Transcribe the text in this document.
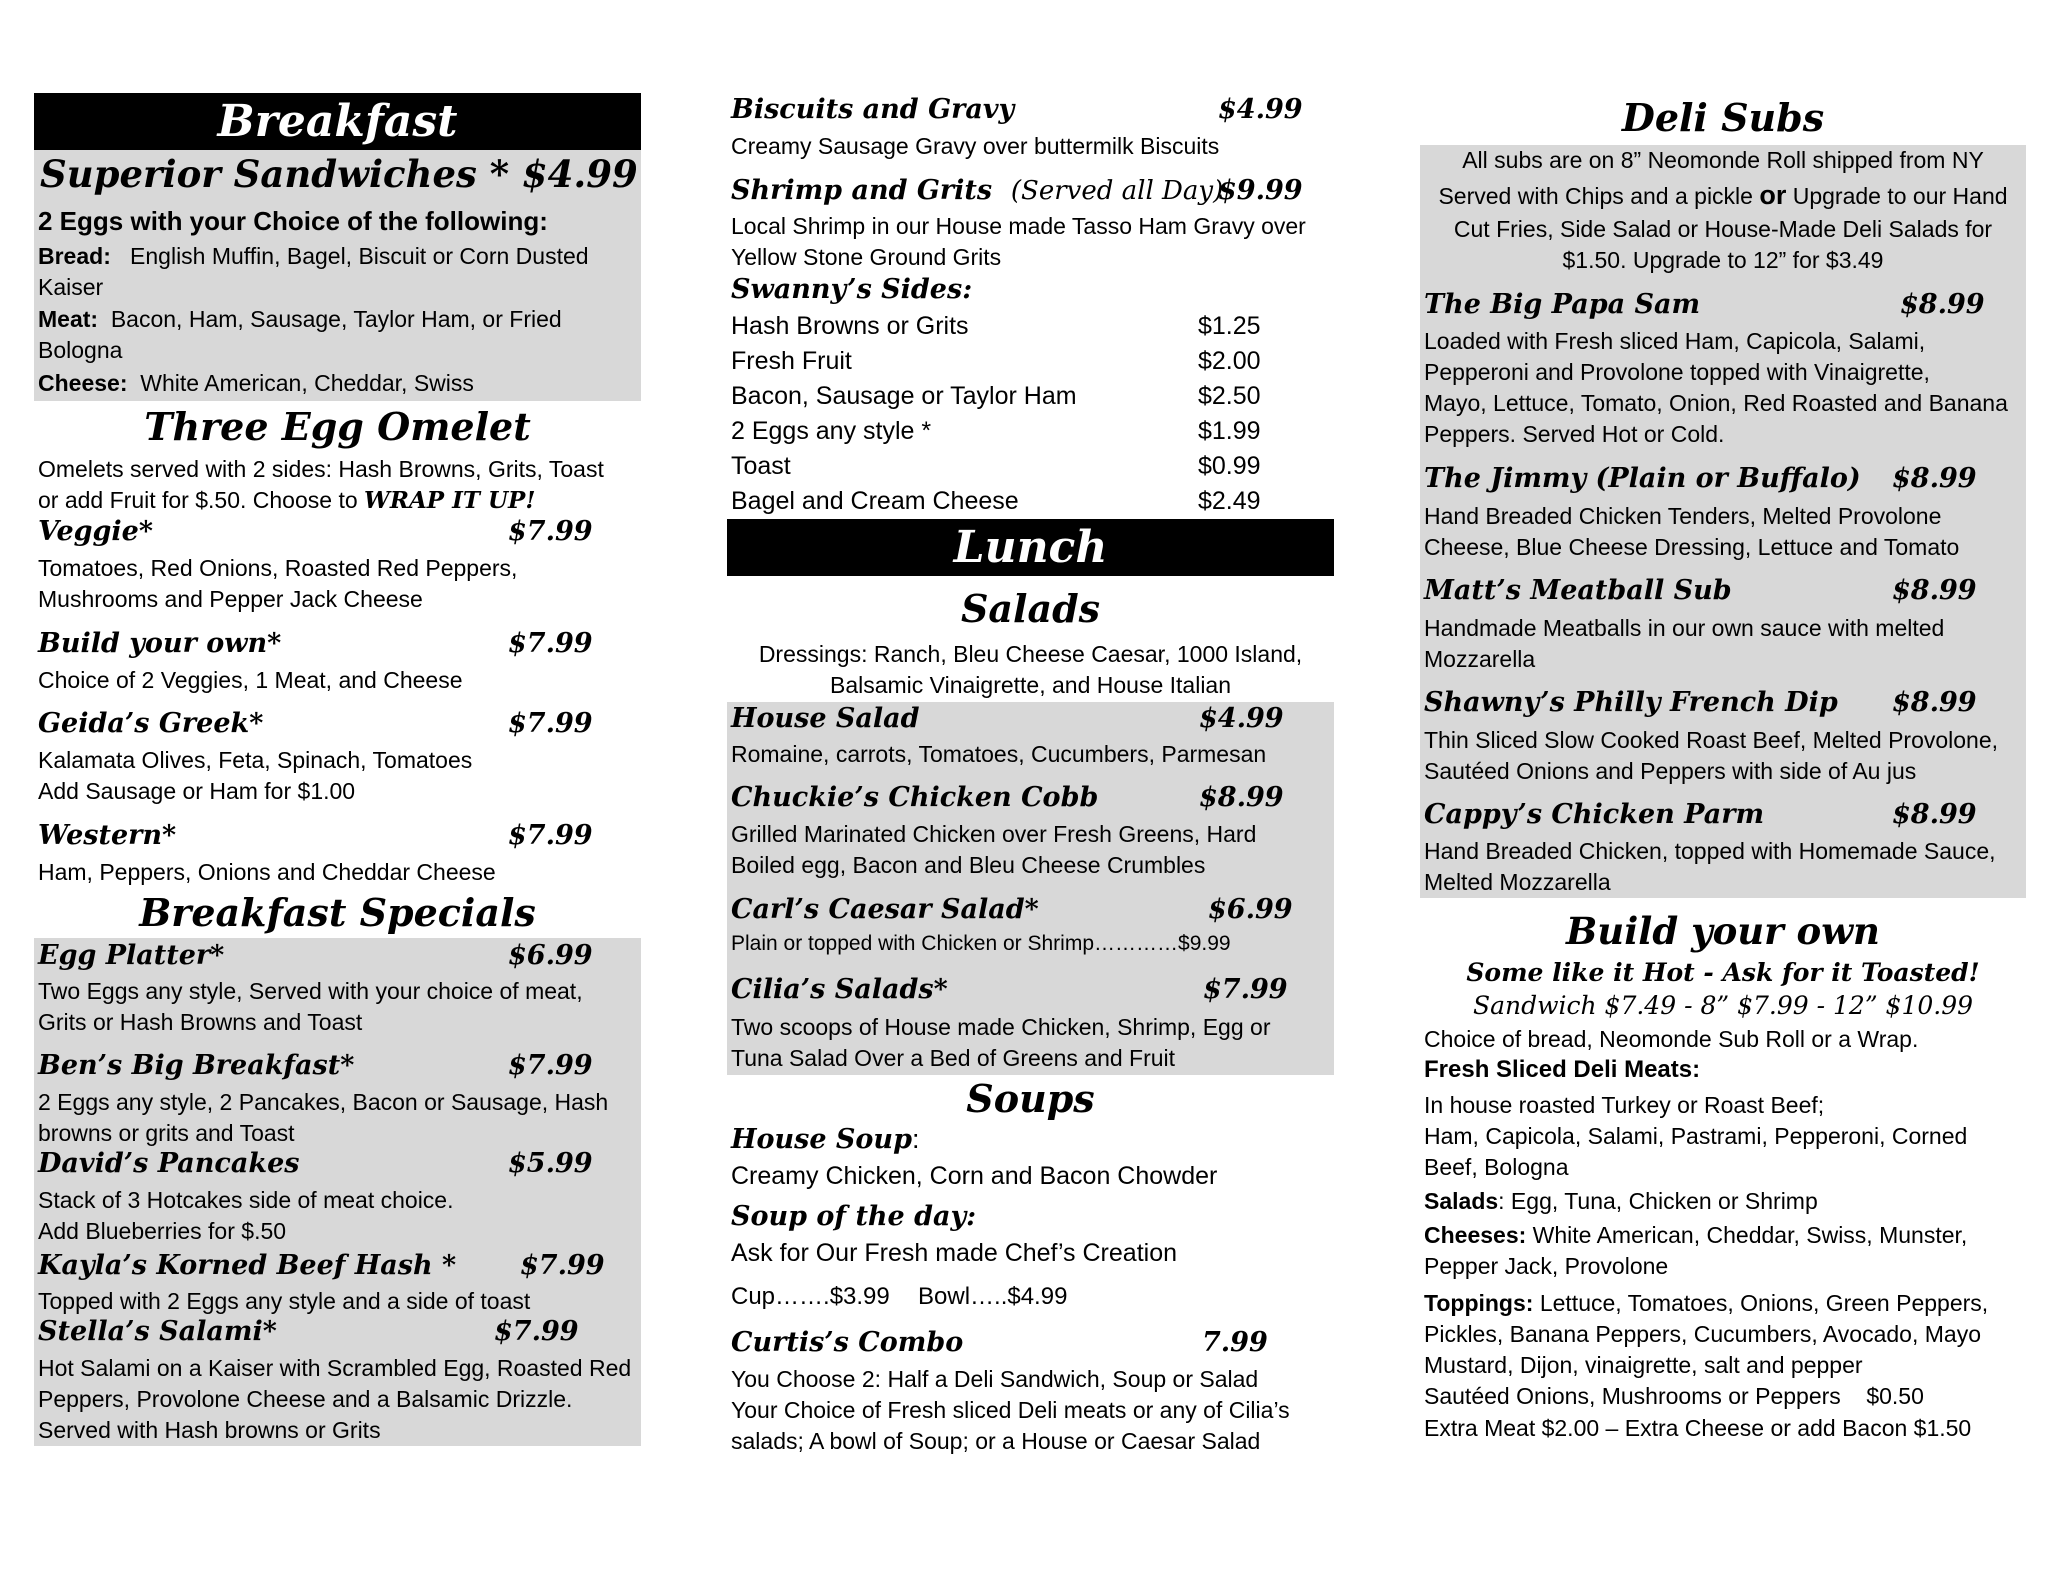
Breakfast
Superior Sandwiches * $4.99
2 Eggs with your Choice of the following:
Bread: English Muffin, Bagel, Biscuit or Corn Dusted
Kaiser
Meat: Bacon, Ham, Sausage, Taylor Ham, or Fried
Bologna
Cheese: White American, Cheddar, Swiss
Three Egg Omelet
Omelets served with 2 sides: Hash Browns, Grits, Toast
or add Fruit for $.50. Choose to WRAP IT UP!
Veggie*	$7.99
Tomatoes, Red Onions, Roasted Red Peppers,
Mushrooms and Pepper Jack Cheese
Build your own*	$7.99
Choice of 2 Veggies, 1 Meat, and Cheese
Geida’s Greek*	$7.99
Kalamata Olives, Feta, Spinach, Tomatoes
Add Sausage or Ham for $1.00
Western*	$7.99
Ham, Peppers, Onions and Cheddar Cheese
Breakfast Specials
Egg Platter*	$6.99
Two Eggs any style, Served with your choice of meat,
Grits or Hash Browns and Toast
Ben’s Big Breakfast*	$7.99
2 Eggs any style, 2 Pancakes, Bacon or Sausage, Hash
browns or grits and Toast
David’s Pancakes	$5.99
Stack of 3 Hotcakes side of meat choice.
Add Blueberries for $.50
Kayla’s Korned Beef Hash * $7.99
Topped with 2 Eggs any style and a side of toast
Stella’s Salami*	$7.99
Hot Salami on a Kaiser with Scrambled Egg, Roasted Red
Peppers, Provolone Cheese and a Balsamic Drizzle.
Served with Hash browns or Grits
Biscuits and Gravy	$4.99
Creamy Sausage Gravy over buttermilk Biscuits
Shrimp and Grits (Served all Day)
$9.99
Local Shrimp in our House made Tasso Ham Gravy over
Yellow Stone Ground Grits
Swanny’s Sides:
Hash Browns or Grits	$1.25
Fresh Fruit	$2.00
Bacon, Sausage or Taylor Ham	$2.50
2 Eggs any style *	$1.99
Toast	$0.99
Bagel and Cream Cheese	$2.49
Lunch
Salads
Dressings: Ranch, Bleu Cheese Caesar, 1000 Island,
Balsamic Vinaigrette, and House Italian
House Salad	$4.99
Romaine, carrots, Tomatoes, Cucumbers, Parmesan
Chuckie’s Chicken Cobb	$8.99
Grilled Marinated Chicken over Fresh Greens, Hard
Boiled egg, Bacon and Bleu Cheese Crumbles
Carl’s Caesar Salad*	$6.99
Plain or topped with Chicken or Shrimp…………$9.99
Cilia’s Salads*	$7.99
Two scoops of House made Chicken, Shrimp, Egg or
Tuna Salad Over a Bed of Greens and Fruit
Soups
House Soup:
Creamy Chicken, Corn and Bacon Chowder
Soup of the day:
Ask for Our Fresh made Chef’s Creation
Cup…….$3.99 Bowl…..$4.99
Curtis’s Combo	7.99
You Choose 2: Half a Deli Sandwich, Soup or Salad
Your Choice of Fresh sliced Deli meats or any of Cilia’s
salads; A bowl of Soup; or a House or Caesar Salad
Deli Subs
All subs are on 8” Neomonde Roll shipped from NY
Served with Chips and a pickle or Upgrade to our Hand
Cut Fries, Side Salad or House-Made Deli Salads for
$1.50. Upgrade to 12” for $3.49
The Big Papa Sam	$8.99
Loaded with Fresh sliced Ham, Capicola, Salami,
Pepperoni and Provolone topped with Vinaigrette,
Mayo, Lettuce, Tomato, Onion, Red Roasted and Banana
Peppers. Served Hot or Cold.
The Jimmy (Plain or Buffalo) $8.99
Hand Breaded Chicken Tenders, Melted Provolone
Cheese, Blue Cheese Dressing, Lettuce and Tomato
Matt’s Meatball Sub	$8.99
Handmade Meatballs in our own sauce with melted
Mozzarella
Shawny’s Philly French Dip $8.99
Thin Sliced Slow Cooked Roast Beef, Melted Provolone,
Sautéed Onions and Peppers with side of Au jus
Cappy’s Chicken Parm	$8.99
Hand Breaded Chicken, topped with Homemade Sauce,
Melted Mozzarella
Build your own
Some like it Hot - Ask for it Toasted!
Sandwich $7.49 - 8” $7.99 - 12” $10.99
Choice of bread, Neomonde Sub Roll or a Wrap.
Fresh Sliced Deli Meats:
In house roasted Turkey or Roast Beef;
Ham, Capicola, Salami, Pastrami, Pepperoni, Corned
Beef, Bologna
Salads: Egg, Tuna, Chicken or Shrimp
Cheeses: White American, Cheddar, Swiss, Munster,
Pepper Jack, Provolone
Toppings: Lettuce, Tomatoes, Onions, Green Peppers,
Pickles, Banana Peppers, Cucumbers, Avocado, Mayo
Mustard, Dijon, vinaigrette, salt and pepper
Sautéed Onions, Mushrooms or Peppers    $0.50
Extra Meat $2.00 – Extra Cheese or add Bacon $1.50
